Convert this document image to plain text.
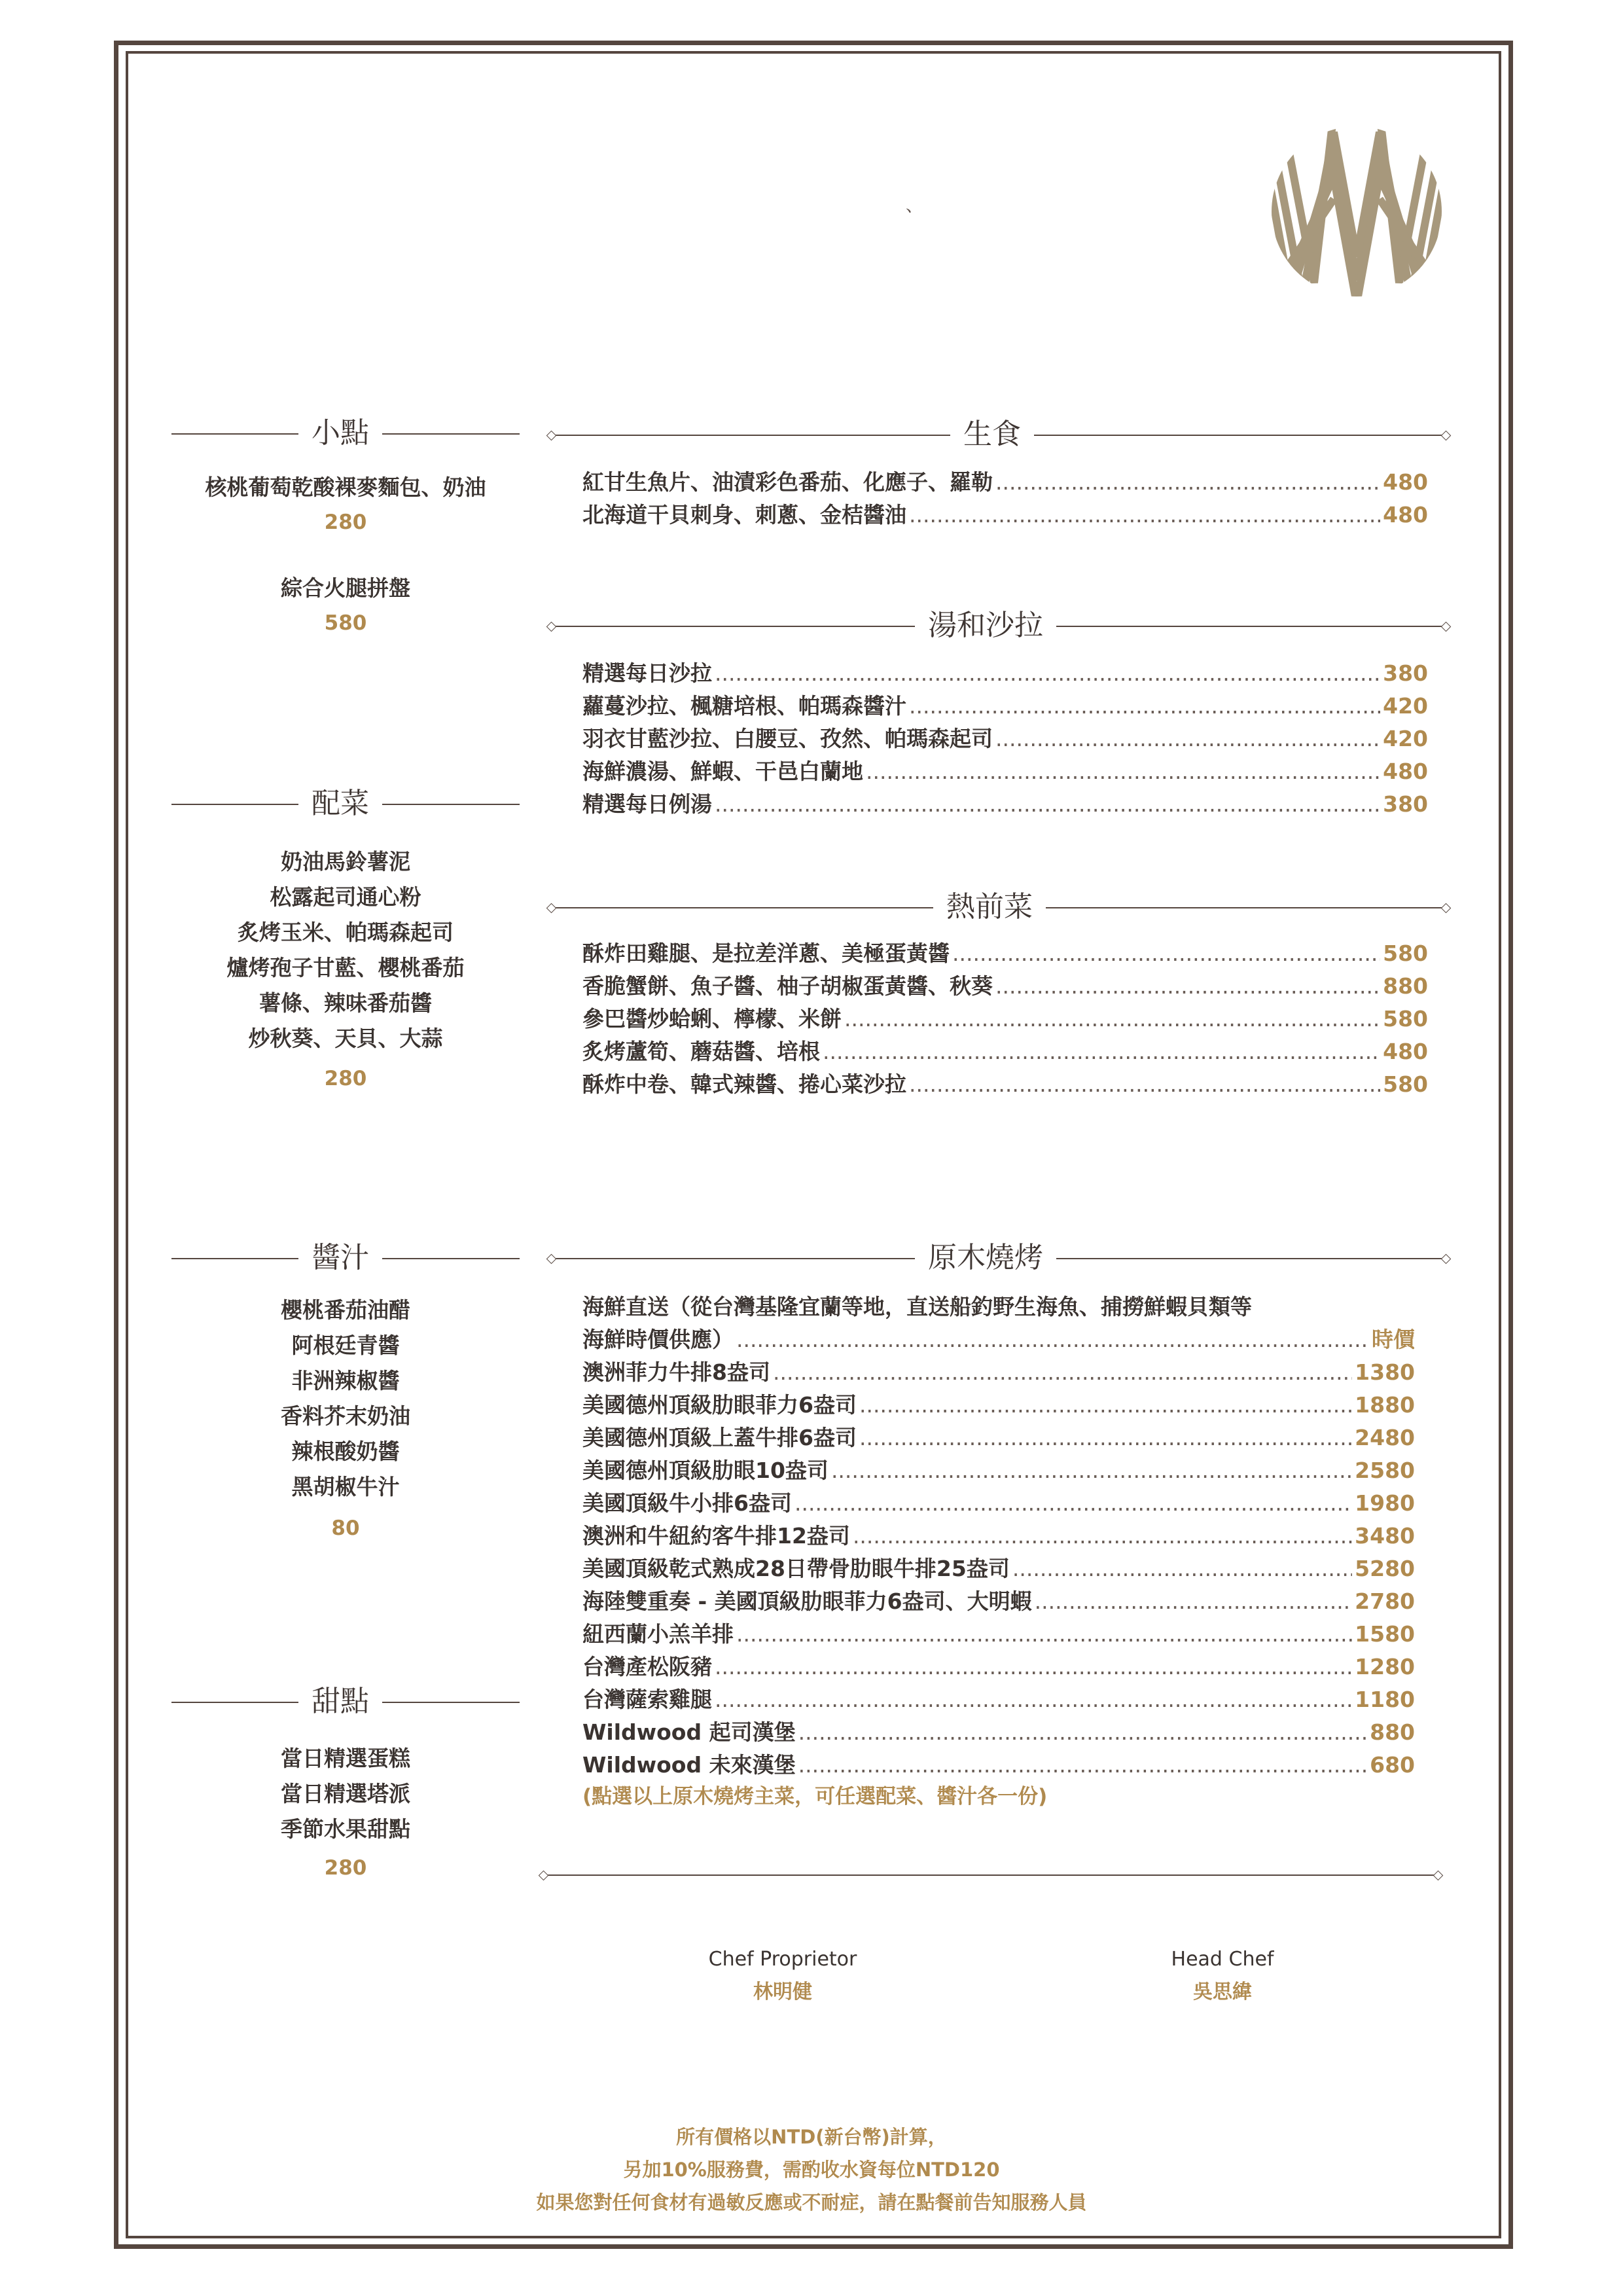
、
小點
核桃葡萄乾酸裸麥麵包、奶油
280
綜合火腿拼盤
580
配菜
奶油馬鈴薯泥
松露起司通心粉
炙烤玉米、帕瑪森起司
爐烤孢子甘藍、櫻桃番茄
薯條、辣味番茄醬
炒秋葵、天貝、大蒜
280
醬汁
櫻桃番茄油醋
阿根廷青醬
非洲辣椒醬
香料芥末奶油
辣根酸奶醬
黑胡椒牛汁
80
甜點
當日精選蛋糕
當日精選塔派
季節水果甜點
280
生食
紅甘生魚片、油漬彩色番茄、化應子、羅勒 .....	480
北海道干貝刺身、刺蔥、金桔醬油 .....	480
湯和沙拉
精選每日沙拉 .....	380
蘿蔓沙拉、楓糖培根、帕瑪森醬汁 .....	420
羽衣甘藍沙拉、白腰豆、孜然、帕瑪森起司 .....	420
海鮮濃湯、鮮蝦、干邑白蘭地 .....	480
精選每日例湯 .....	380
熱前菜
酥炸田雞腿、是拉差洋蔥、美極蛋黃醬 .....	580
香脆蟹餅、魚子醬、柚子胡椒蛋黃醬、秋葵 .....	880
參巴醬炒蛤蜊、檸檬、米餅 .....	580
炙烤蘆筍、蘑菇醬、培根 .....	480
酥炸中卷、韓式辣醬、捲心菜沙拉 .....	580
原木燒烤
海鮮直送（從台灣基隆宜蘭等地，直送船釣野生海魚、捕撈鮮蝦貝類等
海鮮時價供應） .....	時價
澳洲菲力牛排8盎司 .....	1380
美國德州頂級肋眼菲力6盎司 .....	1880
美國德州頂級上蓋牛排6盎司 .....	2480
美國德州頂級肋眼10盎司 .....	2580
美國頂級牛小排6盎司 .....	1980
澳洲和牛紐約客牛排12盎司 .....	3480
美國頂級乾式熟成28日帶骨肋眼牛排25盎司 .....	5280
海陸雙重奏 - 美國頂級肋眼菲力6盎司、大明蝦 .....	2780
紐西蘭小羔羊排 .....	1580
台灣產松阪豬 .....	1280
台灣薩索雞腿 .....	1180
Wildwood 起司漢堡 .....	880
Wildwood 未來漢堡 .....	680
(點選以上原木燒烤主菜，可任選配菜、醬汁各一份)
Chef Proprietor
林明健
Head Chef
吳思緯
所有價格以NTD(新台幣)計算，
另加10%服務費，需酌收水資每位NTD120
如果您對任何食材有過敏反應或不耐症，請在點餐前告知服務人員
